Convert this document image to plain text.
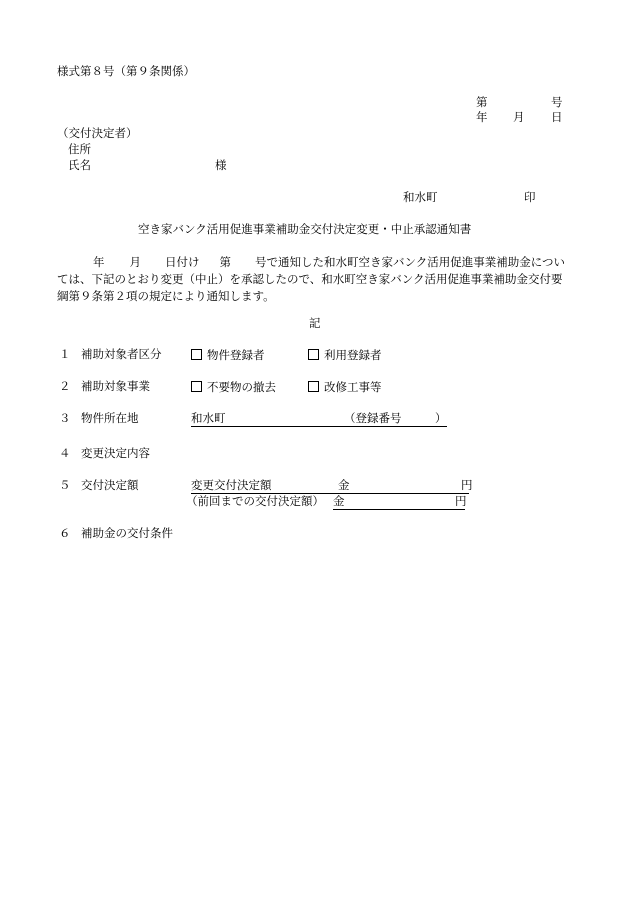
様式第８号（第９条関係）
第	号
年 月 日
（交付決定者）
住所
氏名	様
和水町	印
空き家バンク活用促進事業補助金交付決定変更・中止承認通知書
年 月 日付け 第 号で通知した和水町空き家バンク活用促進事業補助金については、下記のとおり変更（中止）を承認したので、和水町空き家バンク活用促進事業補助金交付要綱第９条第２項の規定により通知します。
記
１ 補助対象者区分	物件登録者	利用登録者
２ 補助対象事業	不要物の撤去	改修工事等
３ 物件所在地	和水町	（登録番号	）
４ 変更決定内容
５ 交付決定額	変更交付決定額	金	円
（前回までの交付決定額） 金	円
６ 補助金の交付条件
